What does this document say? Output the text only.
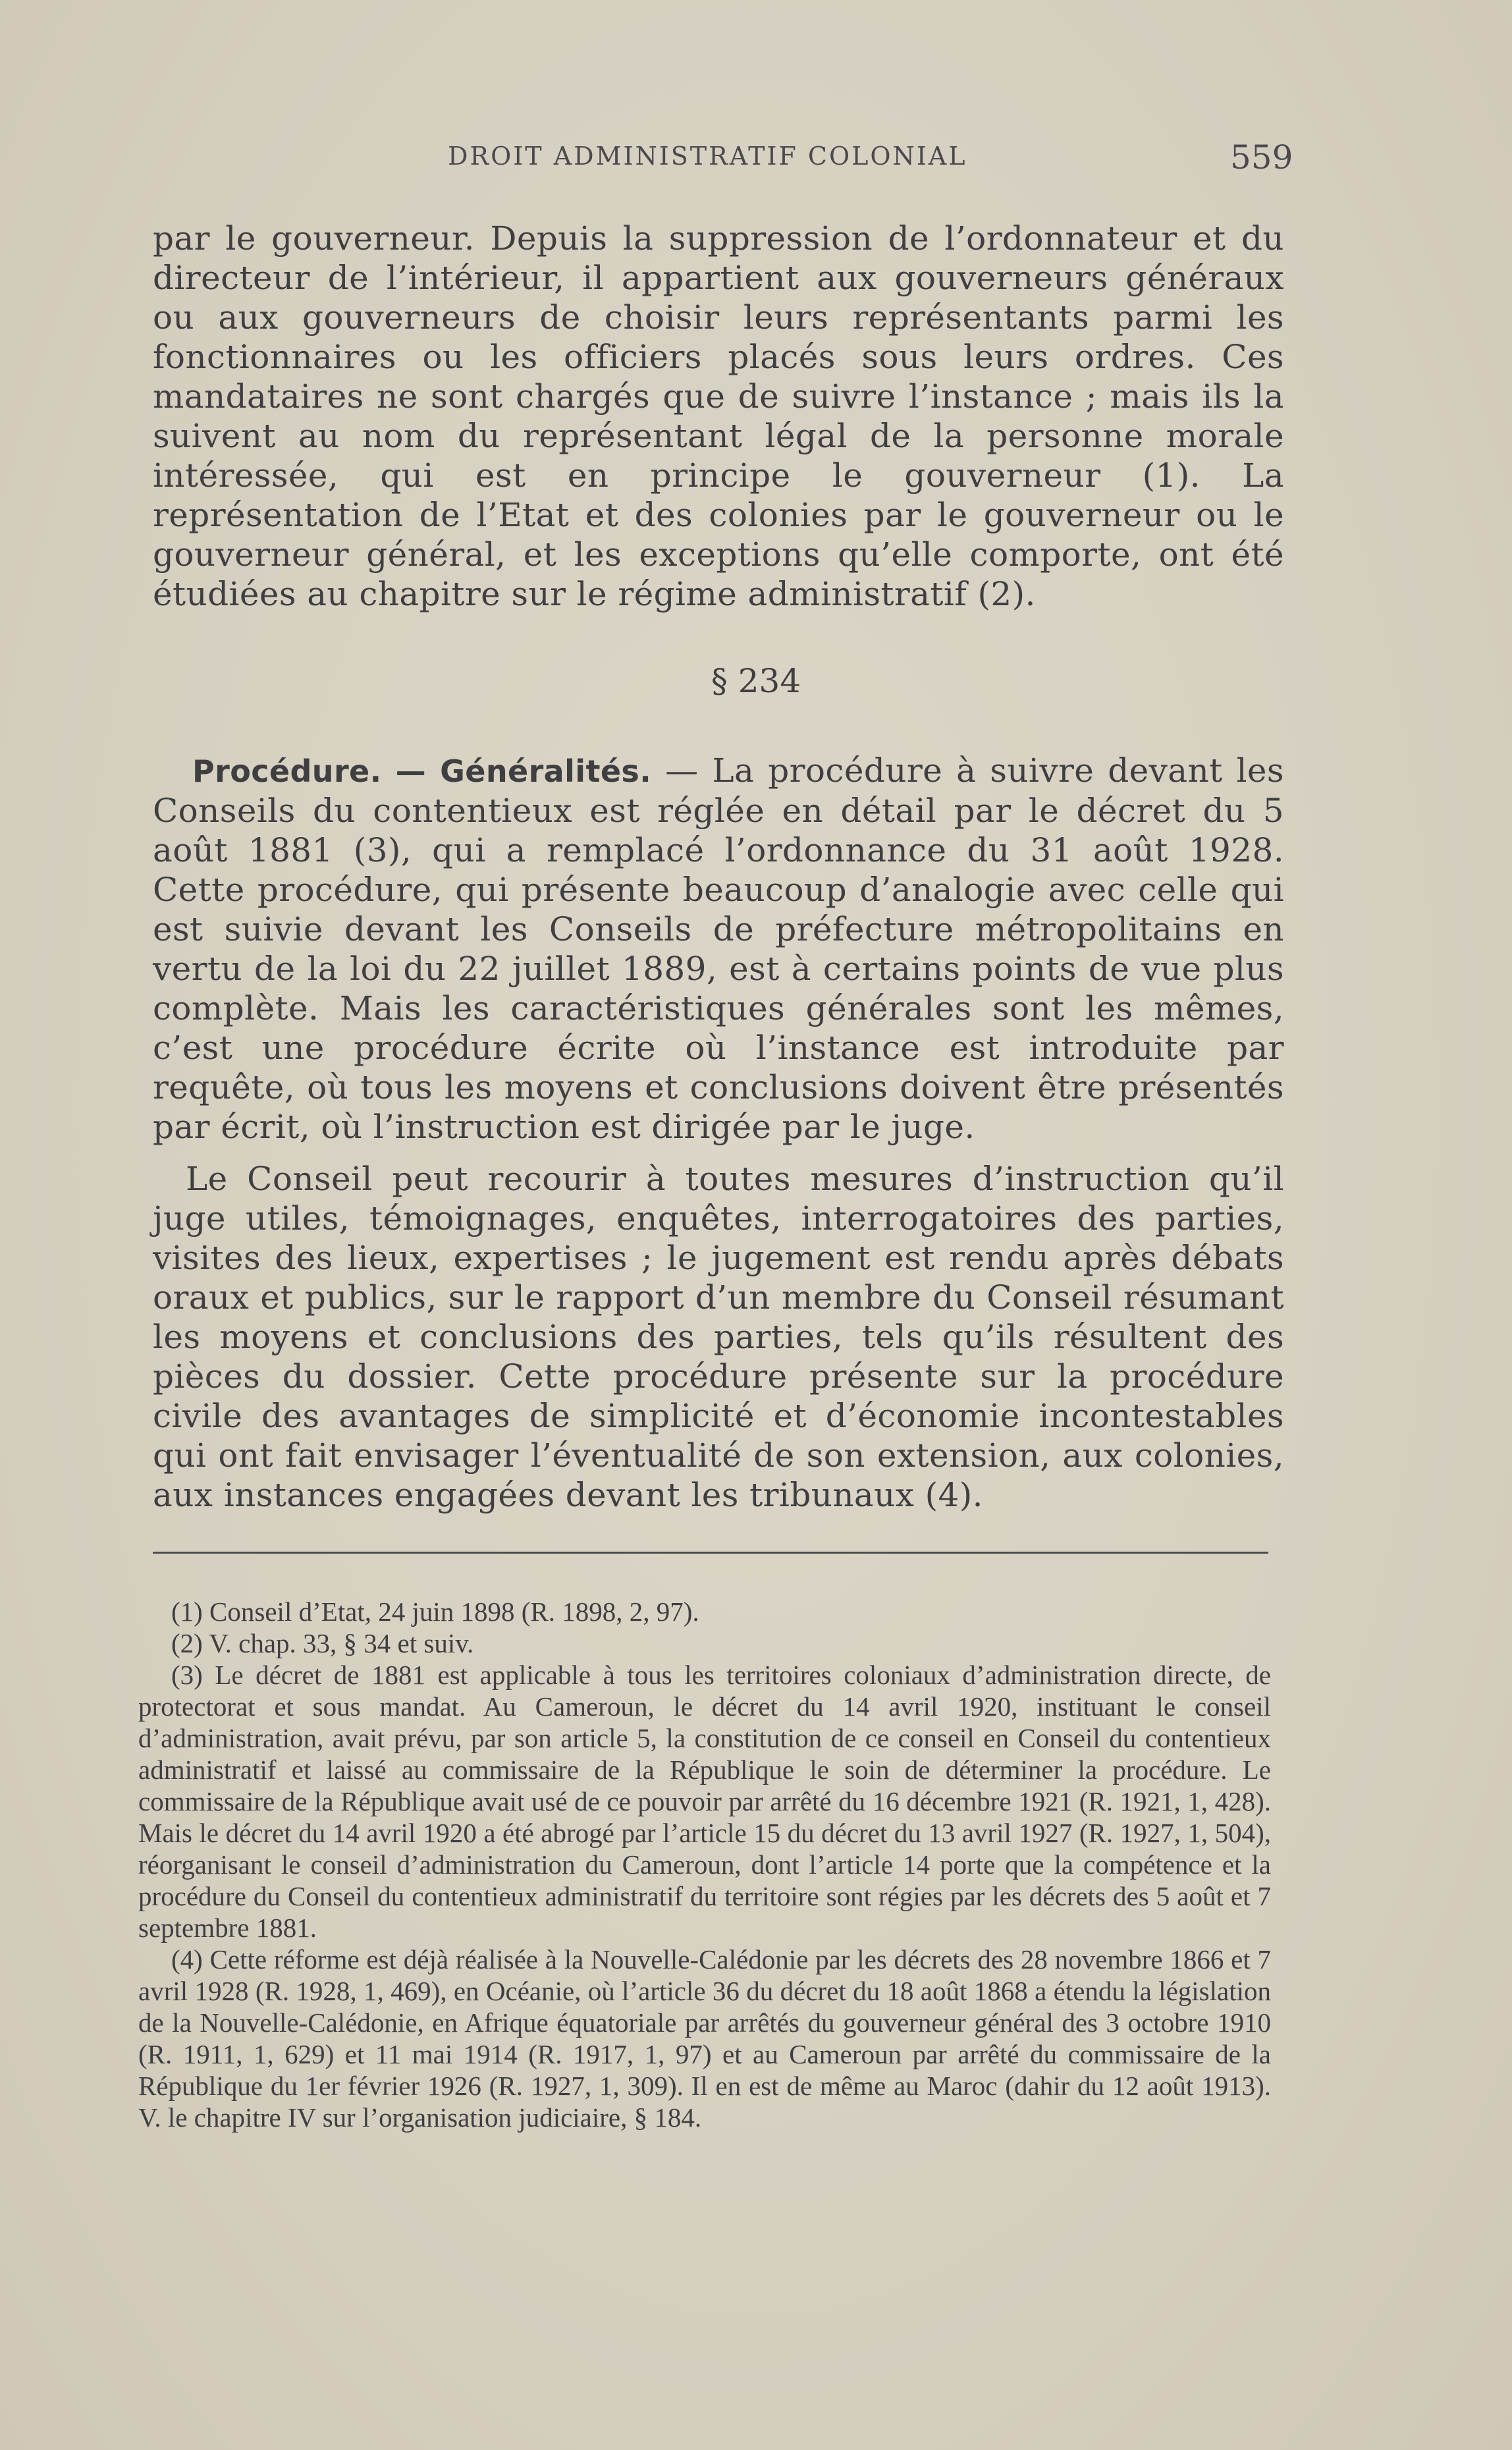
DROIT ADMINISTRATIF COLONIAL	559

par le gouverneur. Depuis la suppression de l’ordonnateur et du directeur de l’intérieur, il appartient aux gouverneurs généraux ou aux gouverneurs de choisir leurs représentants parmi les fonctionnaires ou les officiers placés sous leurs ordres. Ces mandataires ne sont chargés que de suivre l’instance ; mais ils la suivent au nom du représentant légal de la personne morale intéressée, qui est en principe le gouverneur (1). La représentation de l’Etat et des colonies par le gouverneur ou le gouverneur général, et les exceptions qu’elle comporte, ont été étudiées au chapitre sur le régime administratif (2).

§ 234

Procédure. — Généralités. — La procédure à suivre devant les Conseils du contentieux est réglée en détail par le décret du 5 août 1881 (3), qui a remplacé l’ordonnance du 31 août 1928. Cette procédure, qui présente beaucoup d’analogie avec celle qui est suivie devant les Conseils de préfecture métropolitains en vertu de la loi du 22 juillet 1889, est à certains points de vue plus complète. Mais les caractéristiques générales sont les mêmes, c’est une procédure écrite où l’instance est introduite par requête, où tous les moyens et conclusions doivent être présentés par écrit, où l’instruction est dirigée par le juge.

Le Conseil peut recourir à toutes mesures d’instruction qu’il juge utiles, témoignages, enquêtes, interrogatoires des parties, visites des lieux, expertises ; le jugement est rendu après débats oraux et publics, sur le rapport d’un membre du Conseil résumant les moyens et conclusions des parties, tels qu’ils résultent des pièces du dossier. Cette procédure présente sur la procédure civile des avantages de simplicité et d’économie incontestables qui ont fait envisager l’éventualité de son extension, aux colonies, aux instances engagées devant les tribunaux (4).

(1) Conseil d’Etat, 24 juin 1898 (R. 1898, 2, 97).

(2) V. chap. 33, § 34 et suiv.

(3) Le décret de 1881 est applicable à tous les territoires coloniaux d’administration directe, de protectorat et sous mandat. Au Cameroun, le décret du 14 avril 1920, instituant le conseil d’administration, avait prévu, par son article 5, la constitution de ce conseil en Conseil du contentieux administratif et laissé au commissaire de la République le soin de déterminer la procédure. Le commissaire de la République avait usé de ce pouvoir par arrêté du 16 décembre 1921 (R. 1921, 1, 428). Mais le décret du 14 avril 1920 a été abrogé par l’article 15 du décret du 13 avril 1927 (R. 1927, 1, 504), réorganisant le conseil d’administration du Cameroun, dont l’article 14 porte que la compétence et la procédure du Conseil du contentieux administratif du territoire sont régies par les décrets des 5 août et 7 septembre 1881.

(4) Cette réforme est déjà réalisée à la Nouvelle-Calédonie par les décrets des 28 novembre 1866 et 7 avril 1928 (R. 1928, 1, 469), en Océanie, où l’article 36 du décret du 18 août 1868 a étendu la législation de la Nouvelle-Calédonie, en Afrique équatoriale par arrêtés du gouverneur général des 3 octobre 1910 (R. 1911, 1, 629) et 11 mai 1914 (R. 1917, 1, 97) et au Cameroun par arrêté du commissaire de la République du 1er février 1926 (R. 1927, 1, 309). Il en est de même au Maroc (dahir du 12 août 1913). V. le chapitre IV sur l’organisation judiciaire, § 184.
